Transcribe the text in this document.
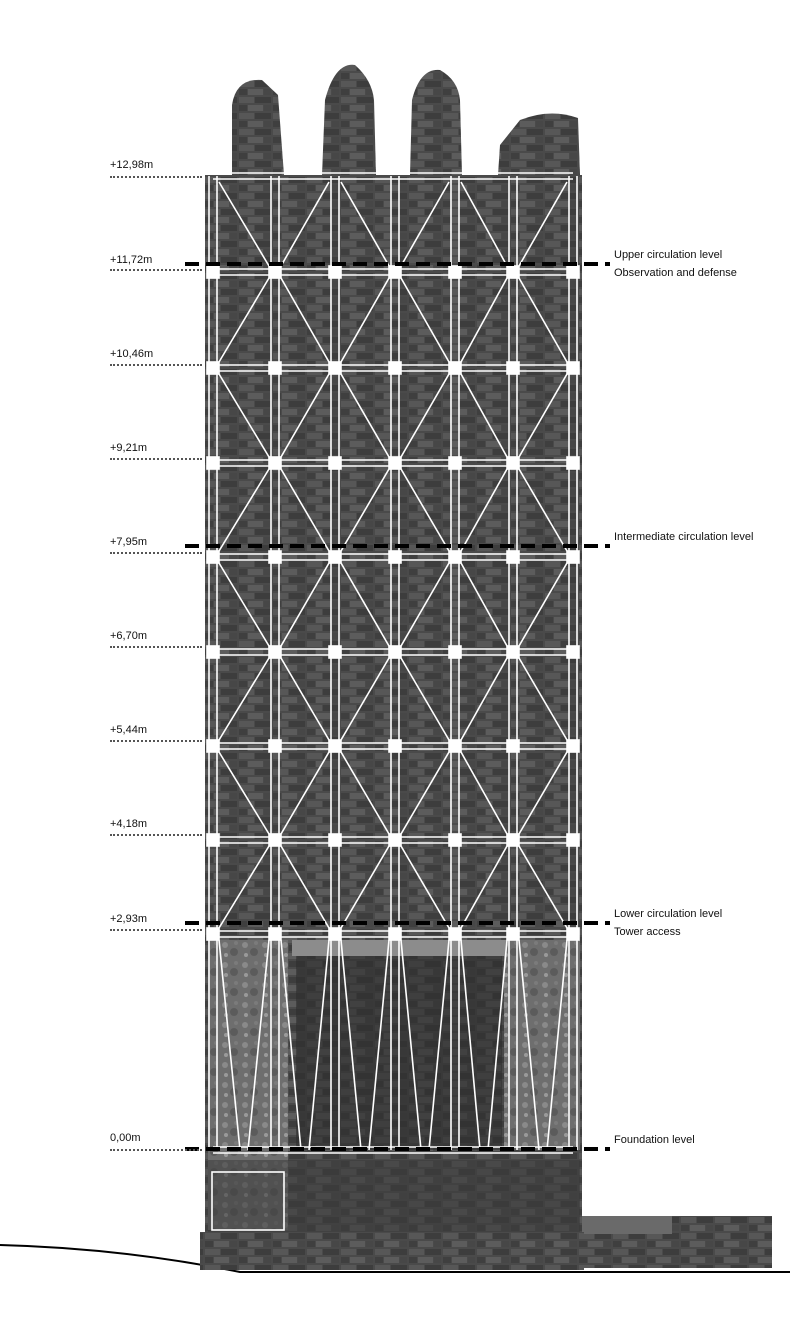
+12,98m
+11,72m
+10,46m
+9,21m
+7,95m
+6,70m
+5,44m
+4,18m
+2,93m
0,00m
Upper circulation level
Observation and defense
Intermediate circulation level
Lower circulation level
Tower access
Foundation level
